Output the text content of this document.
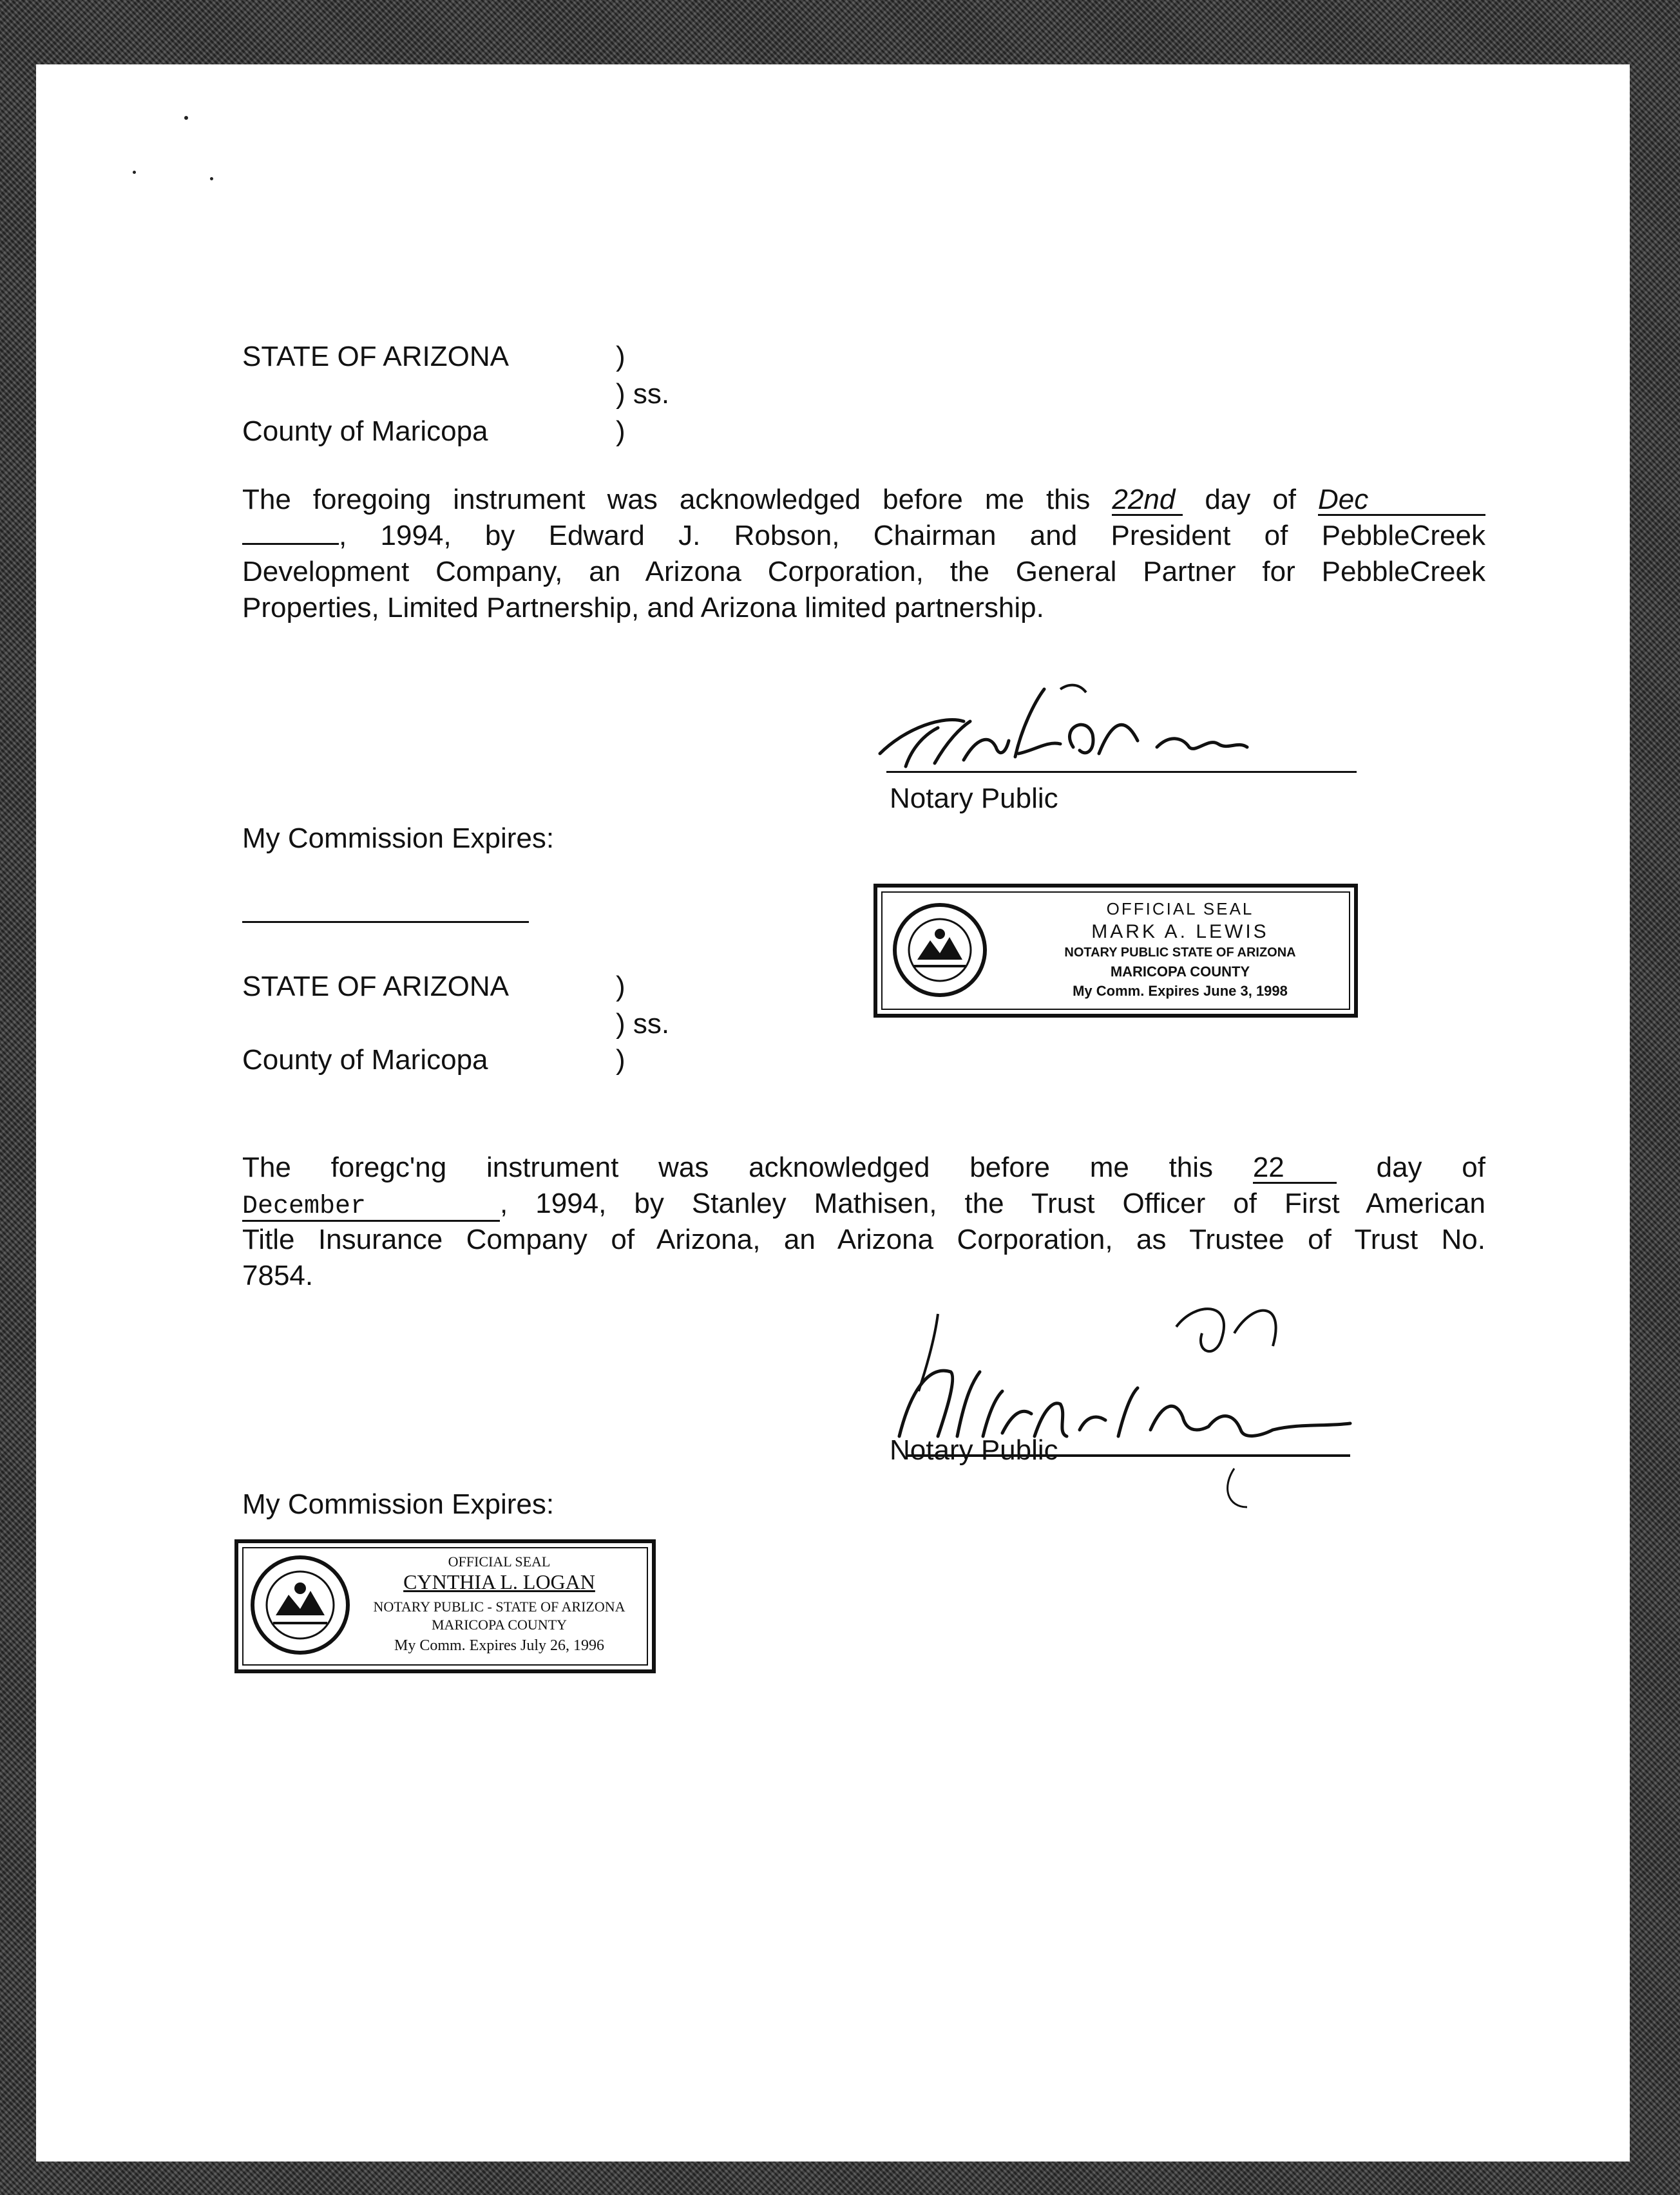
STATE OF ARIZONA	)
) ss.
County of Maricopa	)

The foregoing instrument was acknowledged before me this 22nd day of Dec

, 1994, by Edward J. Robson, Chairman and President of PebbleCreek

Development Company, an Arizona Corporation, the General Partner for PebbleCreek

Properties, Limited Partnership, and Arizona limited partnership.

Notary Public
My Commission Expires:
OFFICIAL SEAL
MARK A. LEWIS
NOTARY PUBLIC STATE OF ARIZONA
MARICOPA COUNTY
My Comm. Expires June 3, 1998
STATE OF ARIZONA	)
) ss.
County of Maricopa	)

The foregc'ng instrument was acknowledged before me this 22	day of

December	, 1994, by Stanley Mathisen, the Trust Officer of First American

Title Insurance Company of Arizona, an Arizona Corporation, as Trustee of Trust No.

7854.

Notary Public
My Commission Expires:
OFFICIAL SEAL
CYNTHIA L. LOGAN
NOTARY PUBLIC - STATE OF ARIZONA
MARICOPA COUNTY
My Comm. Expires July 26, 1996
